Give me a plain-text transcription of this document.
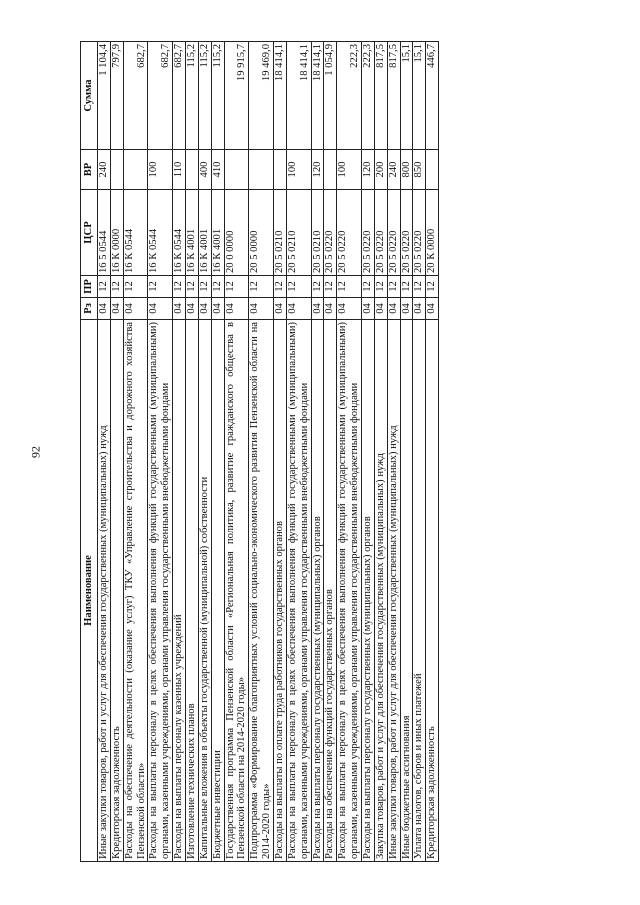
92
Наименование	Рз	ПР	ЦСР	ВР	Сумма
Иные закупки товаров, работ и услуг для обеспечения государственных (муниципальных) нужд	04	12	16 5 0544	240	1 104,4
Кредиторская задолженность	04	12	16 К 0000		797,9
Расходы на обеспечение деятельности (оказание услуг) ТКУ «Управление строительства и дорожного хозяйства Пензенской области»	04	12	16 К 0544		682,7
Расходы на выплаты персоналу в целях обеспечения выполнения функций государственными (муниципальными) органами, казенными учреждениями, органами управления государственными внебюджетными фондами	04	12	16 К 0544	100	682,7
Расходы на выплаты персоналу казенных учреждений	04	12	16 К 0544	110	682,7
Изготовление технических планов	04	12	16 К 4001		115,2
Капитальные вложения в объекты государственной (муниципальной) собственности	04	12	16 К 4001	400	115,2
Бюджетные инвестиции	04	12	16 К 4001	410	115,2
Государственная программа Пензенской области «Региональная политика, развитие гражданского общества в Пензенской области на 2014-2020 годы»	04	12	20 0 0000		19 915,7
Подпрограмма «Формирование благоприятных условий социально-экономического развития Пензенской области на 2014-2020 годы»	04	12	20 5 0000		19 469,0
Расходы на выплаты по оплате труда работников государственных органов	04	12	20 5 0210		18 414,1
Расходы на выплаты персоналу в целях обеспечения выполнения функций государственными (муниципальными) органами, казенными учреждениями, органами управления государственными внебюджетными фондами	04	12	20 5 0210	100	18 414,1
Расходы на выплаты персоналу государственных (муниципальных) органов	04	12	20 5 0210	120	18 414,1
Расходы на обеспечение функций государственных органов	04	12	20 5 0220		1 054,9
Расходы на выплаты персоналу в целях обеспечения выполнения функций государственными (муниципальными) органами, казенными учреждениями, органами управления государственными внебюджетными фондами	04	12	20 5 0220	100	222,3
Расходы на выплаты персоналу государственных (муниципальных) органов	04	12	20 5 0220	120	222,3
Закупка товаров, работ и услуг для обеспечения государственных (муниципальных) нужд	04	12	20 5 0220	200	817,5
Иные закупки товаров, работ и услуг для обеспечения государственных (муниципальных) нужд	04	12	20 5 0220	240	817,5
Иные бюджетные ассигнования	04	12	20 5 0220	800	15,1
Уплата налогов, сборов и иных платежей	04	12	20 5 0220	850	15,1
Кредиторская задолженность	04	12	20 К 0000		446,7
